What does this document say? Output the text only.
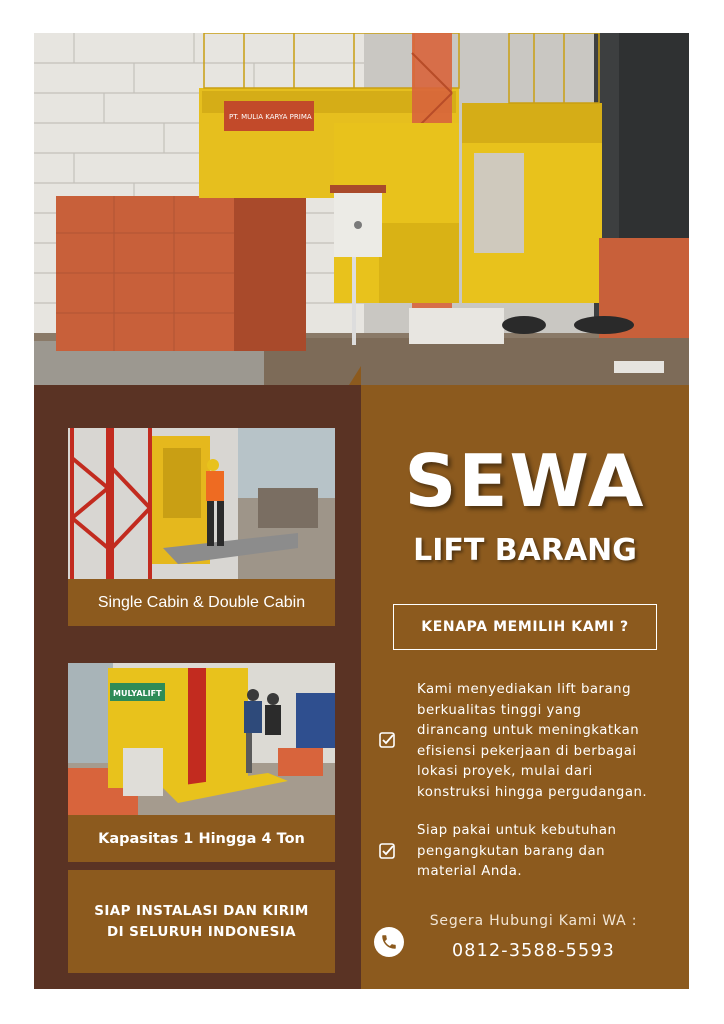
PT. MULIA KARYA PRIMA
Single Cabin & Double Cabin
MULYALIFT
Kapasitas 1 Hingga 4 Ton
SIAP INSTALASI DAN KIRIM
DI SELURUH INDONESIA
SEWA
LIFT BARANG
KENAPA MEMILIH KAMI ?
Kami menyediakan lift barang
berkualitas tinggi yang
dirancang untuk meningkatkan
efisiensi pekerjaan di berbagai
lokasi proyek, mulai dari
konstruksi hingga pergudangan.
Siap pakai untuk kebutuhan
pengangkutan barang dan
material Anda.
Segera Hubungi Kami WA :
0812-3588-5593
